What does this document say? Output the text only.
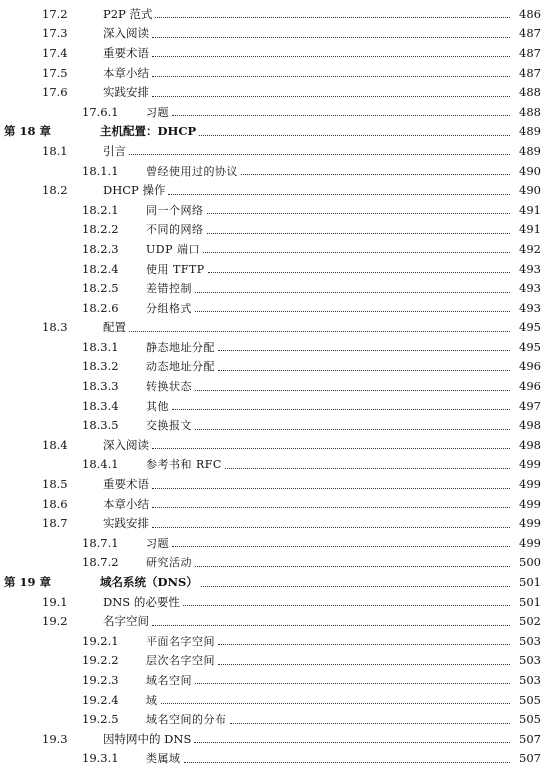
17.2	P2P 范式	486
17.3	深入阅读	487
17.4	重要术语	487
17.5	本章小结	487
17.6	实践安排	488
17.6.1	习题	488
第 18 章	主机配置：DHCP	489
18.1	引言	489
18.1.1	曾经使用过的协议	490
18.2	DHCP 操作	490
18.2.1	同一个网络	491
18.2.2	不同的网络	491
18.2.3	UDP 端口	492
18.2.4	使用 TFTP	493
18.2.5	差错控制	493
18.2.6	分组格式	493
18.3	配置	495
18.3.1	静态地址分配	495
18.3.2	动态地址分配	496
18.3.3	转换状态	496
18.3.4	其他	497
18.3.5	交换报文	498
18.4	深入阅读	498
18.4.1	参考书和 RFC	499
18.5	重要术语	499
18.6	本章小结	499
18.7	实践安排	499
18.7.1	习题	499
18.7.2	研究活动	500
第 19 章	域名系统（DNS）	501
19.1	DNS 的必要性	501
19.2	名字空间	502
19.2.1	平面名字空间	503
19.2.2	层次名字空间	503
19.2.3	域名空间	503
19.2.4	域	505
19.2.5	域名空间的分布	505
19.3	因特网中的 DNS	507
19.3.1	类属域	507
